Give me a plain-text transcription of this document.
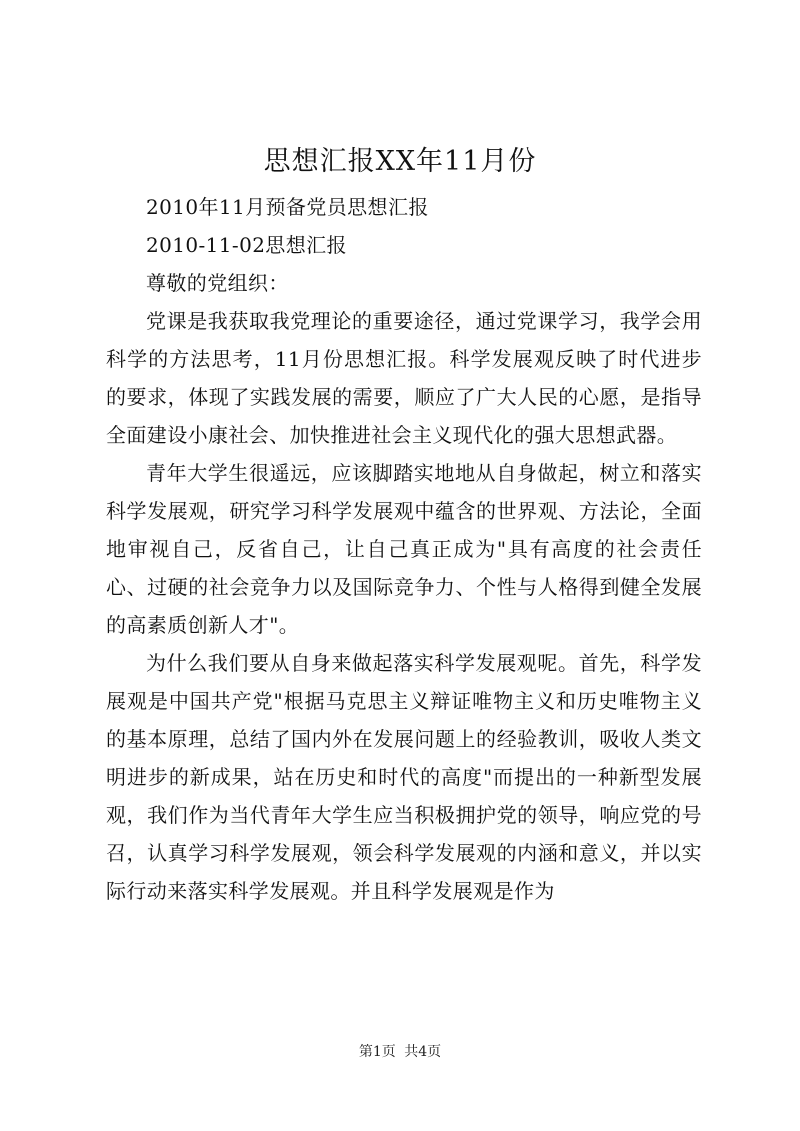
思想汇报XX年11月份

2010年11月预备党员思想汇报

2010-11-02思想汇报

尊敬的党组织：

党课是我获取我党理论的重要途径，通过党课学习，我学会用科学的方法思考，11月份思想汇报。科学发展观反映了时代进步的要求，体现了实践发展的需要，顺应了广大人民的心愿，是指导全面建设小康社会、加快推进社会主义现代化的强大思想武器。

青年大学生很遥远，应该脚踏实地地从自身做起，树立和落实科学发展观，研究学习科学发展观中蕴含的世界观、方法论，全面地审视自己，反省自己，让自己真正成为"具有高度的社会责任心、过硬的社会竞争力以及国际竞争力、个性与人格得到健全发展的高素质创新人才"。

为什么我们要从自身来做起落实科学发展观呢。首先，科学发展观是中国共产党"根据马克思主义辩证唯物主义和历史唯物主义的基本原理，总结了国内外在发展问题上的经验教训，吸收人类文明进步的新成果，站在历史和时代的高度"而提出的一种新型发展观，我们作为当代青年大学生应当积极拥护党的领导，响应党的号召，认真学习科学发展观，领会科学发展观的内涵和意义，并以实际行动来落实科学发展观。并且科学发展观是作为

第1页 共4页
